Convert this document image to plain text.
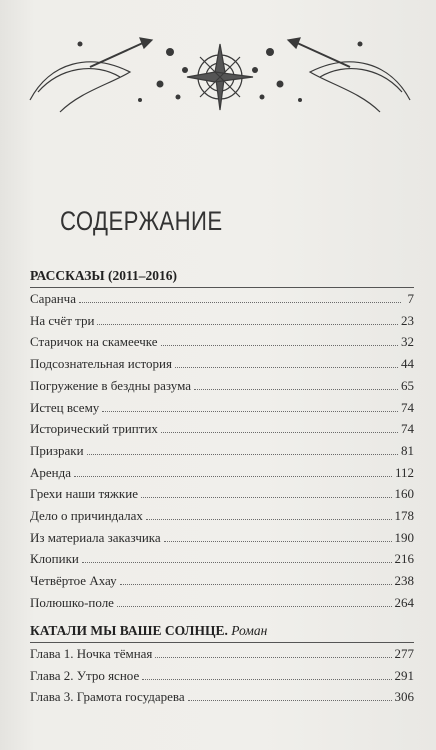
СОДЕРЖАНИЕ
РАССКАЗЫ (2011–2016)
Саранча	7
На счёт три	23
Старичок на скамеечке	32
Подсознательная история	44
Погружение в бездны разума	65
Истец всему	74
Исторический триптих	74
Призраки	81
Аренда	112
Грехи наши тяжкие	160
Дело о причиндалах	178
Из материала заказчика	190
Клопики	216
Четвёртое Ахау	238
Полюшко-поле	264
КАТАЛИ МЫ ВАШЕ СОЛНЦЕ. Роман
Глава 1. Ночка тёмная	277
Глава 2. Утро ясное	291
Глава 3. Грамота государева	306
